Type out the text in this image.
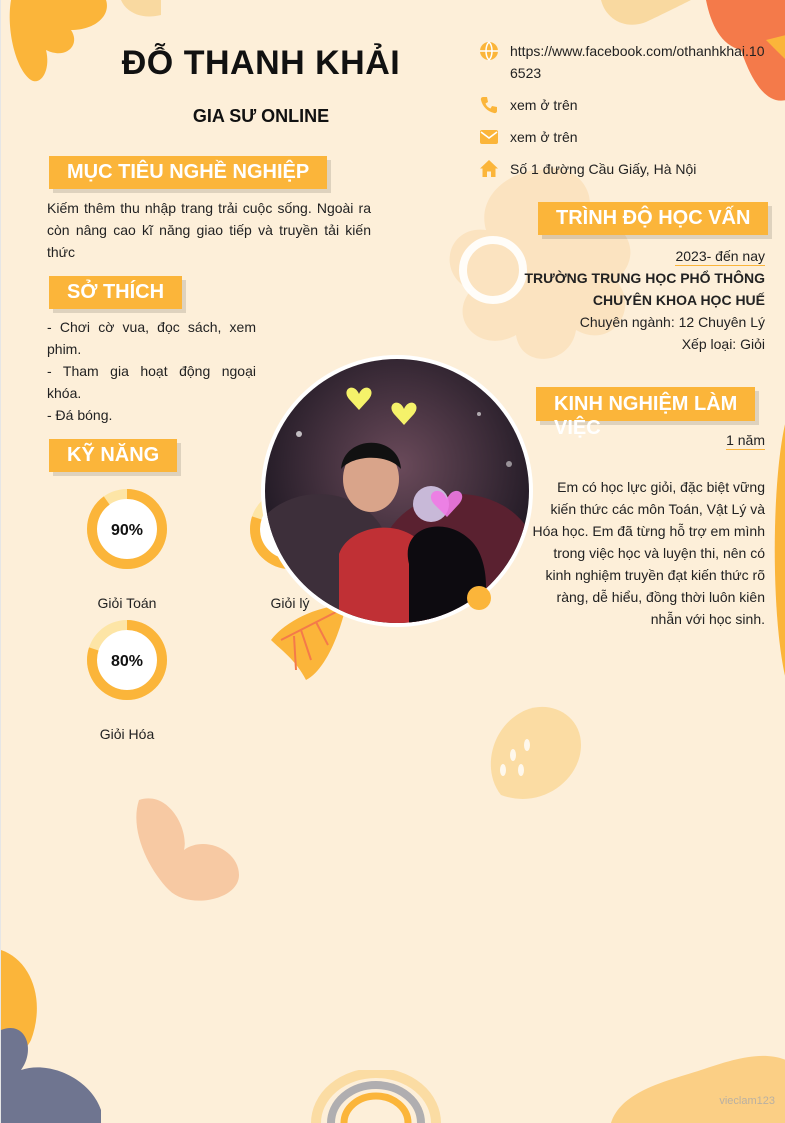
ĐỖ THANH KHẢI
GIA SƯ ONLINE
MỤC TIÊU NGHỀ NGHIỆP
Kiếm thêm thu nhập trang trải cuộc sống. Ngoài ra còn nâng cao kĩ năng giao tiếp và truyền tải kiến thức
SỞ THÍCH
- Chơi cờ vua, đọc sách, xem phim.
- Tham gia hoạt động ngoại khóa.
- Đá bóng.
KỸ NĂNG
90%
Giỏi Toán	Giỏi lý
80%
Giỏi Hóa
https://www.facebook.com/othanhkhai.106523
xem ở trên
xem ở trên
Số 1 đường Cầu Giấy, Hà Nội
TRÌNH ĐỘ HỌC VẤN
2023- đến nay
TRƯỜNG TRUNG HỌC PHỔ THÔNG CHUYÊN KHOA HỌC HUẾ
Chuyên ngành: 12 Chuyên Lý
Xếp loại: Giỏi
KINH NGHIỆM LÀM VIỆC
1 năm
Em có học lực giỏi, đặc biệt vững kiến thức các môn Toán, Vật Lý và Hóa học. Em đã từng hỗ trợ em mình trong việc học và luyện thi, nên có kinh nghiệm truyền đạt kiến thức rõ ràng, dễ hiểu, đồng thời luôn kiên nhẫn với học sinh.
vieclam123
